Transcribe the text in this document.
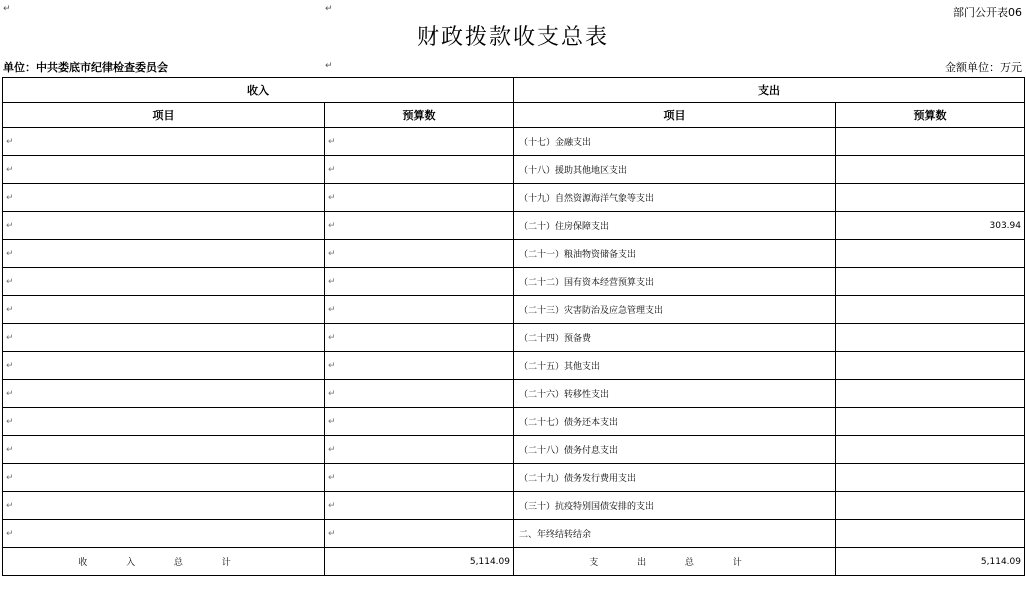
↵	↵	部门公开表06
财政拨款收支总表
单位：中共娄底市纪律检查委员会	↵	金额单位：万元
收入		支出	
项目	预算数	项目	预算数
↵	↵	（十七）金融支出	
↵	↵	（十八）援助其他地区支出	
↵	↵	（十九）自然资源海洋气象等支出	
↵	↵	（二十）住房保障支出	303.94
↵	↵	（二十一）粮油物资储备支出	
↵	↵	（二十二）国有资本经营预算支出	
↵	↵	（二十三）灾害防治及应急管理支出	
↵	↵	（二十四）预备费	
↵	↵	（二十五）其他支出	
↵	↵	（二十六）转移性支出	
↵	↵	（二十七）债务还本支出	
↵	↵	（二十八）债务付息支出	
↵	↵	（二十九）债务发行费用支出	
↵	↵	（三十）抗疫特别国债安排的支出	
↵	↵	二、年终结转结余	
收 入 总 计	5,114.09	支 出 总 计	5,114.09
